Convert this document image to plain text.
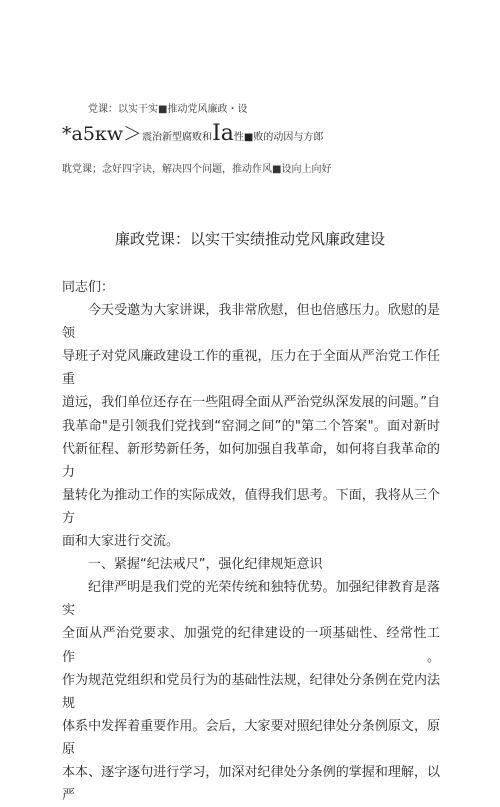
党课：以实干实■推动党风廉政・设
*a5кw＞震治新型腐败和Ia性■败的动因与方郎
耽党课；念好四字诀，解决四个问题，推动作风■设向上向好
廉政党课：以实干实绩推动党风廉政建设

同志们：

今天受邀为大家讲课，我非常欣慰，但也倍感压力。欣慰的是领

导班子对党风廉政建设工作的重视，压力在于全面从严治党工作任重

道远，我们单位还存在一些阻碍全面从严治党纵深发展的问题。”自

我革命"是引领我们党找到“窑洞之间”的"第二个答案"。面对新时

代新征程、新形势新任务，如何加强自我革命，如何将自我革命的力

量转化为推动工作的实际成效，值得我们思考。下面，我将从三个方

面和大家进行交流。

一、紧握“纪法戒尺”，强化纪律规矩意识

纪律严明是我们党的光荣传统和独特优势。加强纪律教育是落实

全面从严治党要求、加强党的纪律建设的一项基础性、经常性工作。

作为规范党组织和党员行为的基础性法规，纪律处分条例在党内法规

体系中发挥着重要作用。会后，大家要对照纪律处分条例原文，原原

本本、逐字逐句进行学习，加深对纪律处分条例的掌握和理解，以严
